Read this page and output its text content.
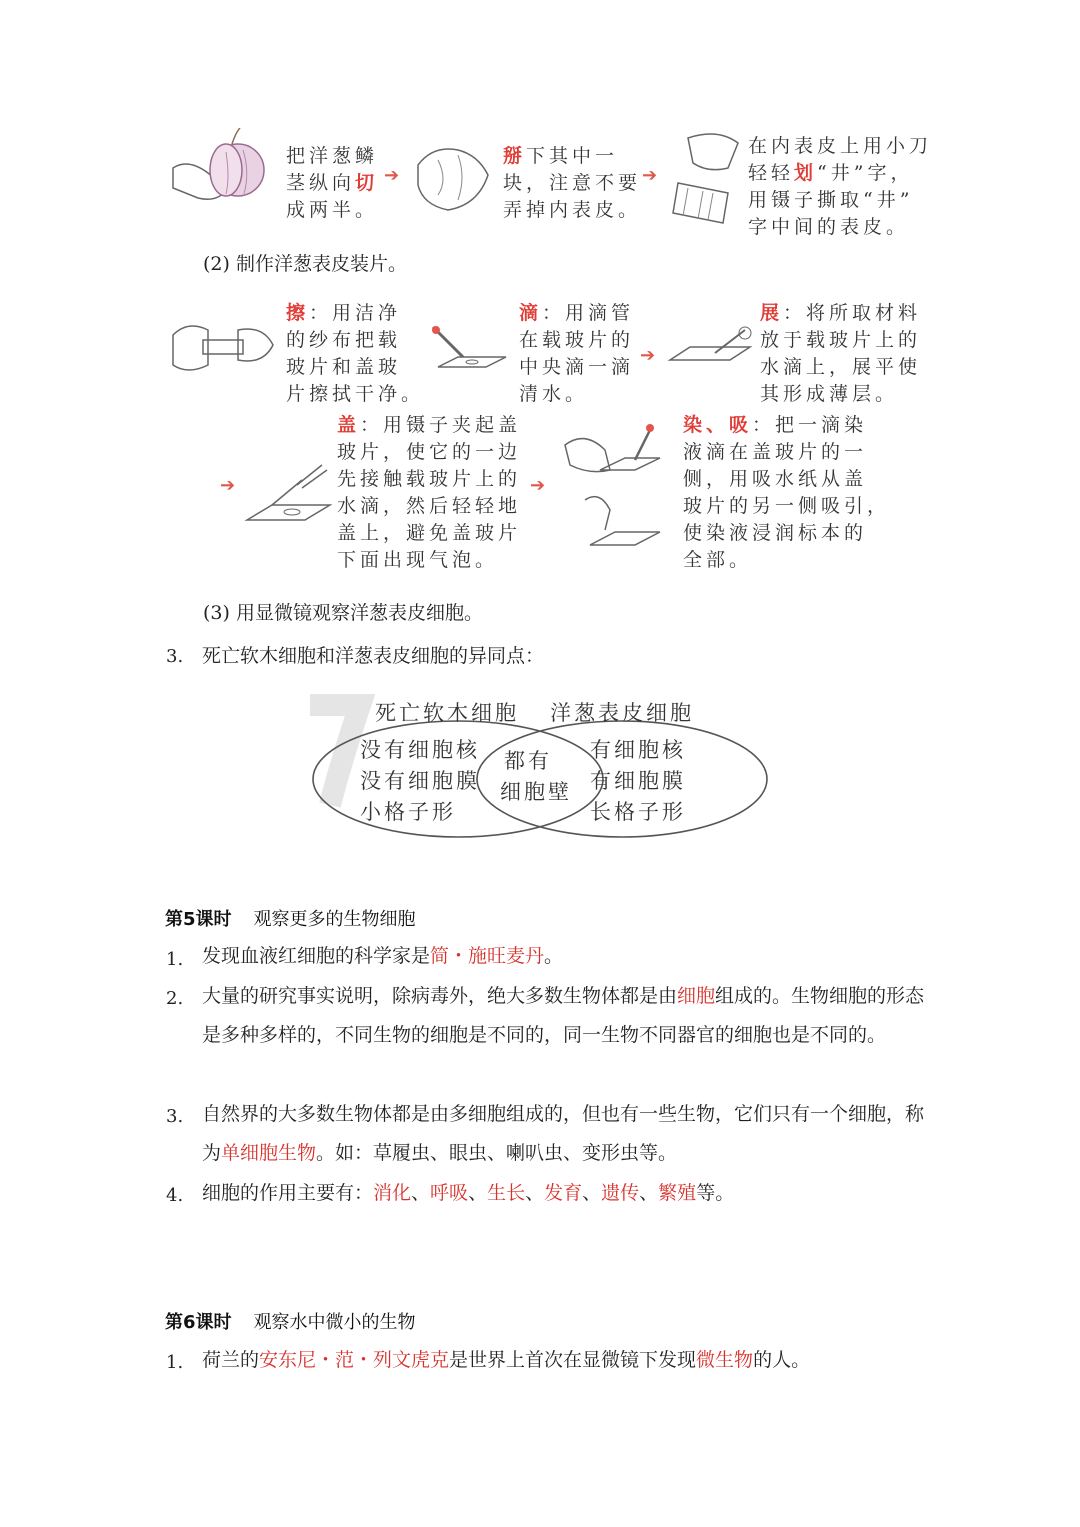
把洋葱鳞
茎纵向切
成两半。
➔
掰下其中一
块，注意不要
弄掉内表皮。
➔
在内表皮上用小刀
轻轻划“井”字，
用镊子撕取“井”
字中间的表皮。
(2) 制作洋葱表皮装片。
擦：用洁净
的纱布把载
玻片和盖玻
片擦拭干净。
滴：用滴管
在载玻片的
中央滴一滴
清水。
➔
展：将所取材料
放于载玻片上的
水滴上，展平使
其形成薄层。
➔
盖：用镊子夹起盖
玻片，使它的一边
先接触载玻片上的
水滴，然后轻轻地
盖上，避免盖玻片
下面出现气泡。
➔
染、吸：把一滴染
液滴在盖玻片的一
侧，用吸水纸从盖
玻片的另一侧吸引，
使染液浸润标本的
全部。
(3) 用显微镜观察洋葱表皮细胞。
3. 死亡软木细胞和洋葱表皮细胞的异同点：
死亡软木细胞 洋葱表皮细胞
没有细胞核
没有细胞膜
小格子形
都有
细胞壁
有细胞核
有细胞膜
长格子形
第5课时 观察更多的生物细胞
1. 发现血液红细胞的科学家是简・施旺麦丹。
2. 大量的研究事实说明，除病毒外，绝大多数生物体都是由细胞组成的。生物细胞的形态是多种多样的，不同生物的细胞是不同的，同一生物不同器官的细胞也是不同的。
3. 自然界的大多数生物体都是由多细胞组成的，但也有一些生物，它们只有一个细胞，称为单细胞生物。如：草履虫、眼虫、喇叭虫、变形虫等。
4. 细胞的作用主要有：消化、呼吸、生长、发育、遗传、繁殖等。
第6课时 观察水中微小的生物
1. 荷兰的安东尼・范・列文虎克是世界上首次在显微镜下发现微生物的人。
